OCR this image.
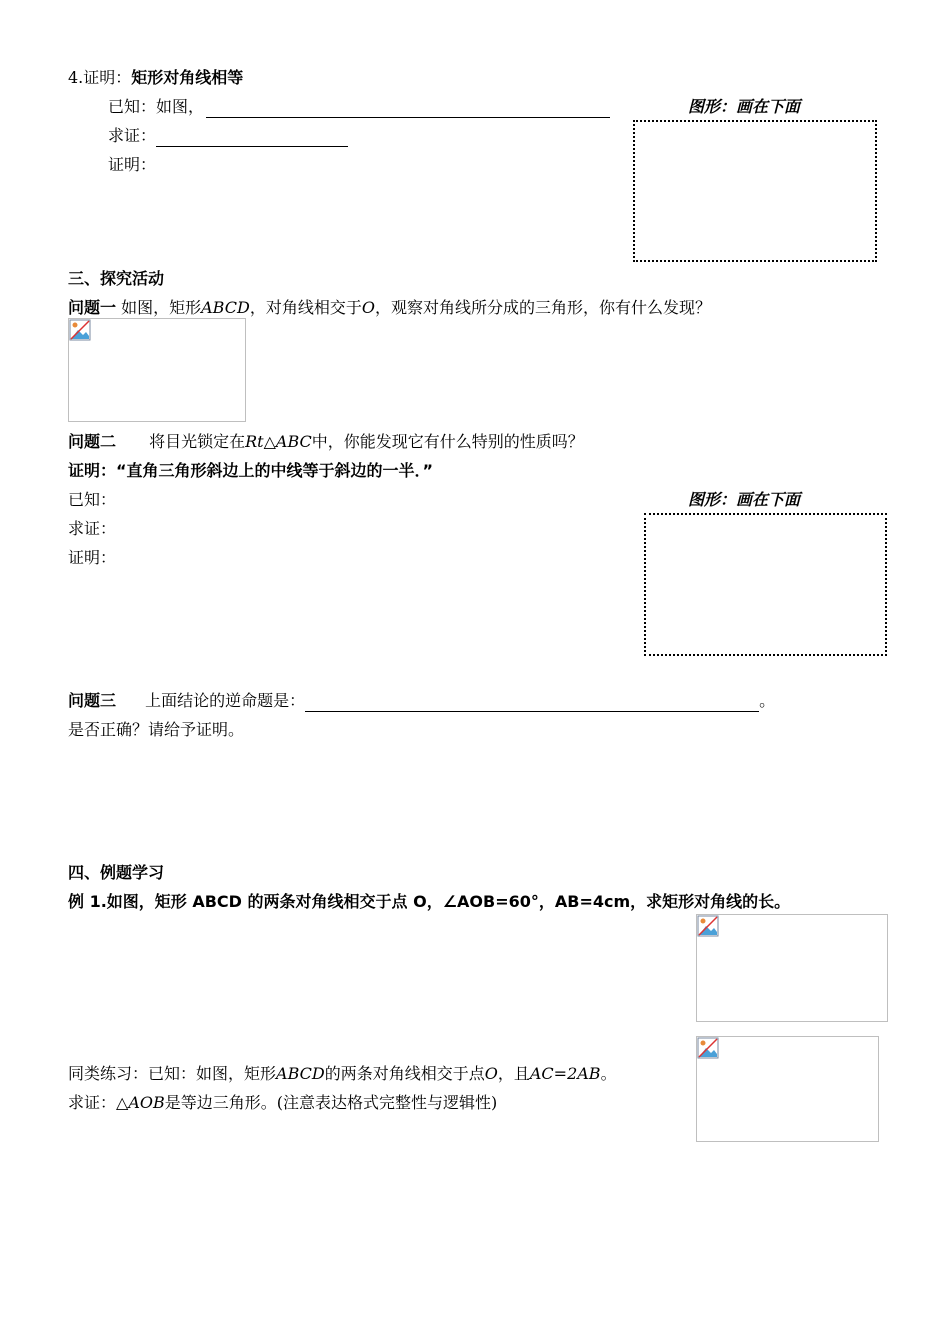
4.证明：矩形对角线相等
已知：如图，	图形：画在下面
求证：
证明：
三、探究活动
问题一 如图，矩形ABCD，对角线相交于O，观察对角线所分成的三角形，你有什么发现？
问题二 将目光锁定在Rt△ABC中，你能发现它有什么特别的性质吗？
证明：“直角三角形斜边上的中线等于斜边的一半．”
已知：	图形：画在下面
求证：
证明：
问题三 上面结论的逆命题是：	。
是否正确？请给予证明。
四、例题学习
例 1.如图，矩形 ABCD 的两条对角线相交于点 O，∠AOB=60°，AB=4cm，求矩形对角线的长。
同类练习：已知：如图，矩形ABCD的两条对角线相交于点O，且AC=2AB。
求证：△AOB是等边三角形。(注意表达格式完整性与逻辑性)
